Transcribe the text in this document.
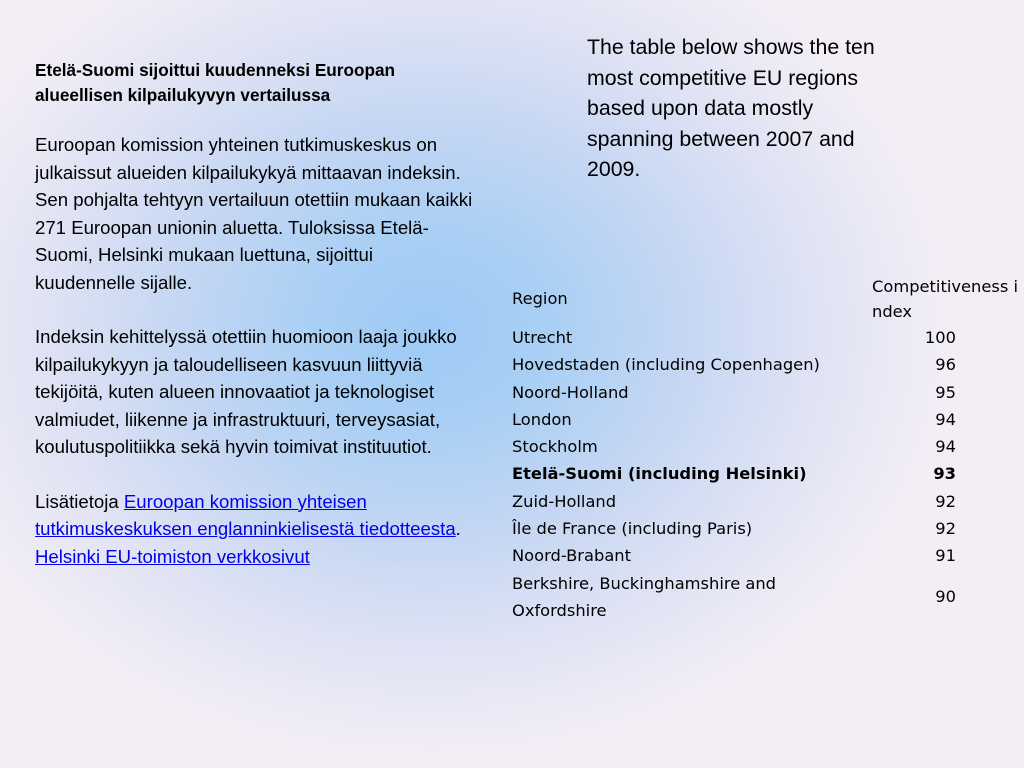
Etelä-Suomi sijoittui kuudenneksi Euroopan alueellisen kilpailukyvyn vertailussa

Euroopan komission yhteinen tutkimuskeskus on julkaissut alueiden kilpailukykyä mittaavan indeksin. Sen pohjalta tehtyyn vertailuun otettiin mukaan kaikki 271 Euroopan unionin aluetta. Tuloksissa Etelä-Suomi, Helsinki mukaan luettuna, sijoittui kuudennelle sijalle.

Indeksin kehittelyssä otettiin huomioon laaja joukko kilpailukykyyn ja taloudelliseen kasvuun liittyviä tekijöitä, kuten alueen innovaatiot ja teknologiset valmiudet, liikenne ja infrastruktuuri, terveysasiat, koulutuspolitiikka sekä hyvin toimivat instituutiot.

Lisätietoja Euroopan komission yhteisen tutkimuskeskuksen englanninkielisestä tiedotteesta.
Helsinki EU-toimiston verkkosivut
The table below shows the ten most competitive EU regions based upon data mostly spanning between 2007 and 2009.
Region	Competitiveness index
Utrecht	100
Hovedstaden (including Copenhagen)	96
Noord-Holland	95
London	94
Stockholm	94
Etelä-Suomi (including Helsinki)	93
Zuid-Holland	92
Île de France (including Paris)	92
Noord-Brabant	91
Berkshire, Buckinghamshire and Oxfordshire	90
